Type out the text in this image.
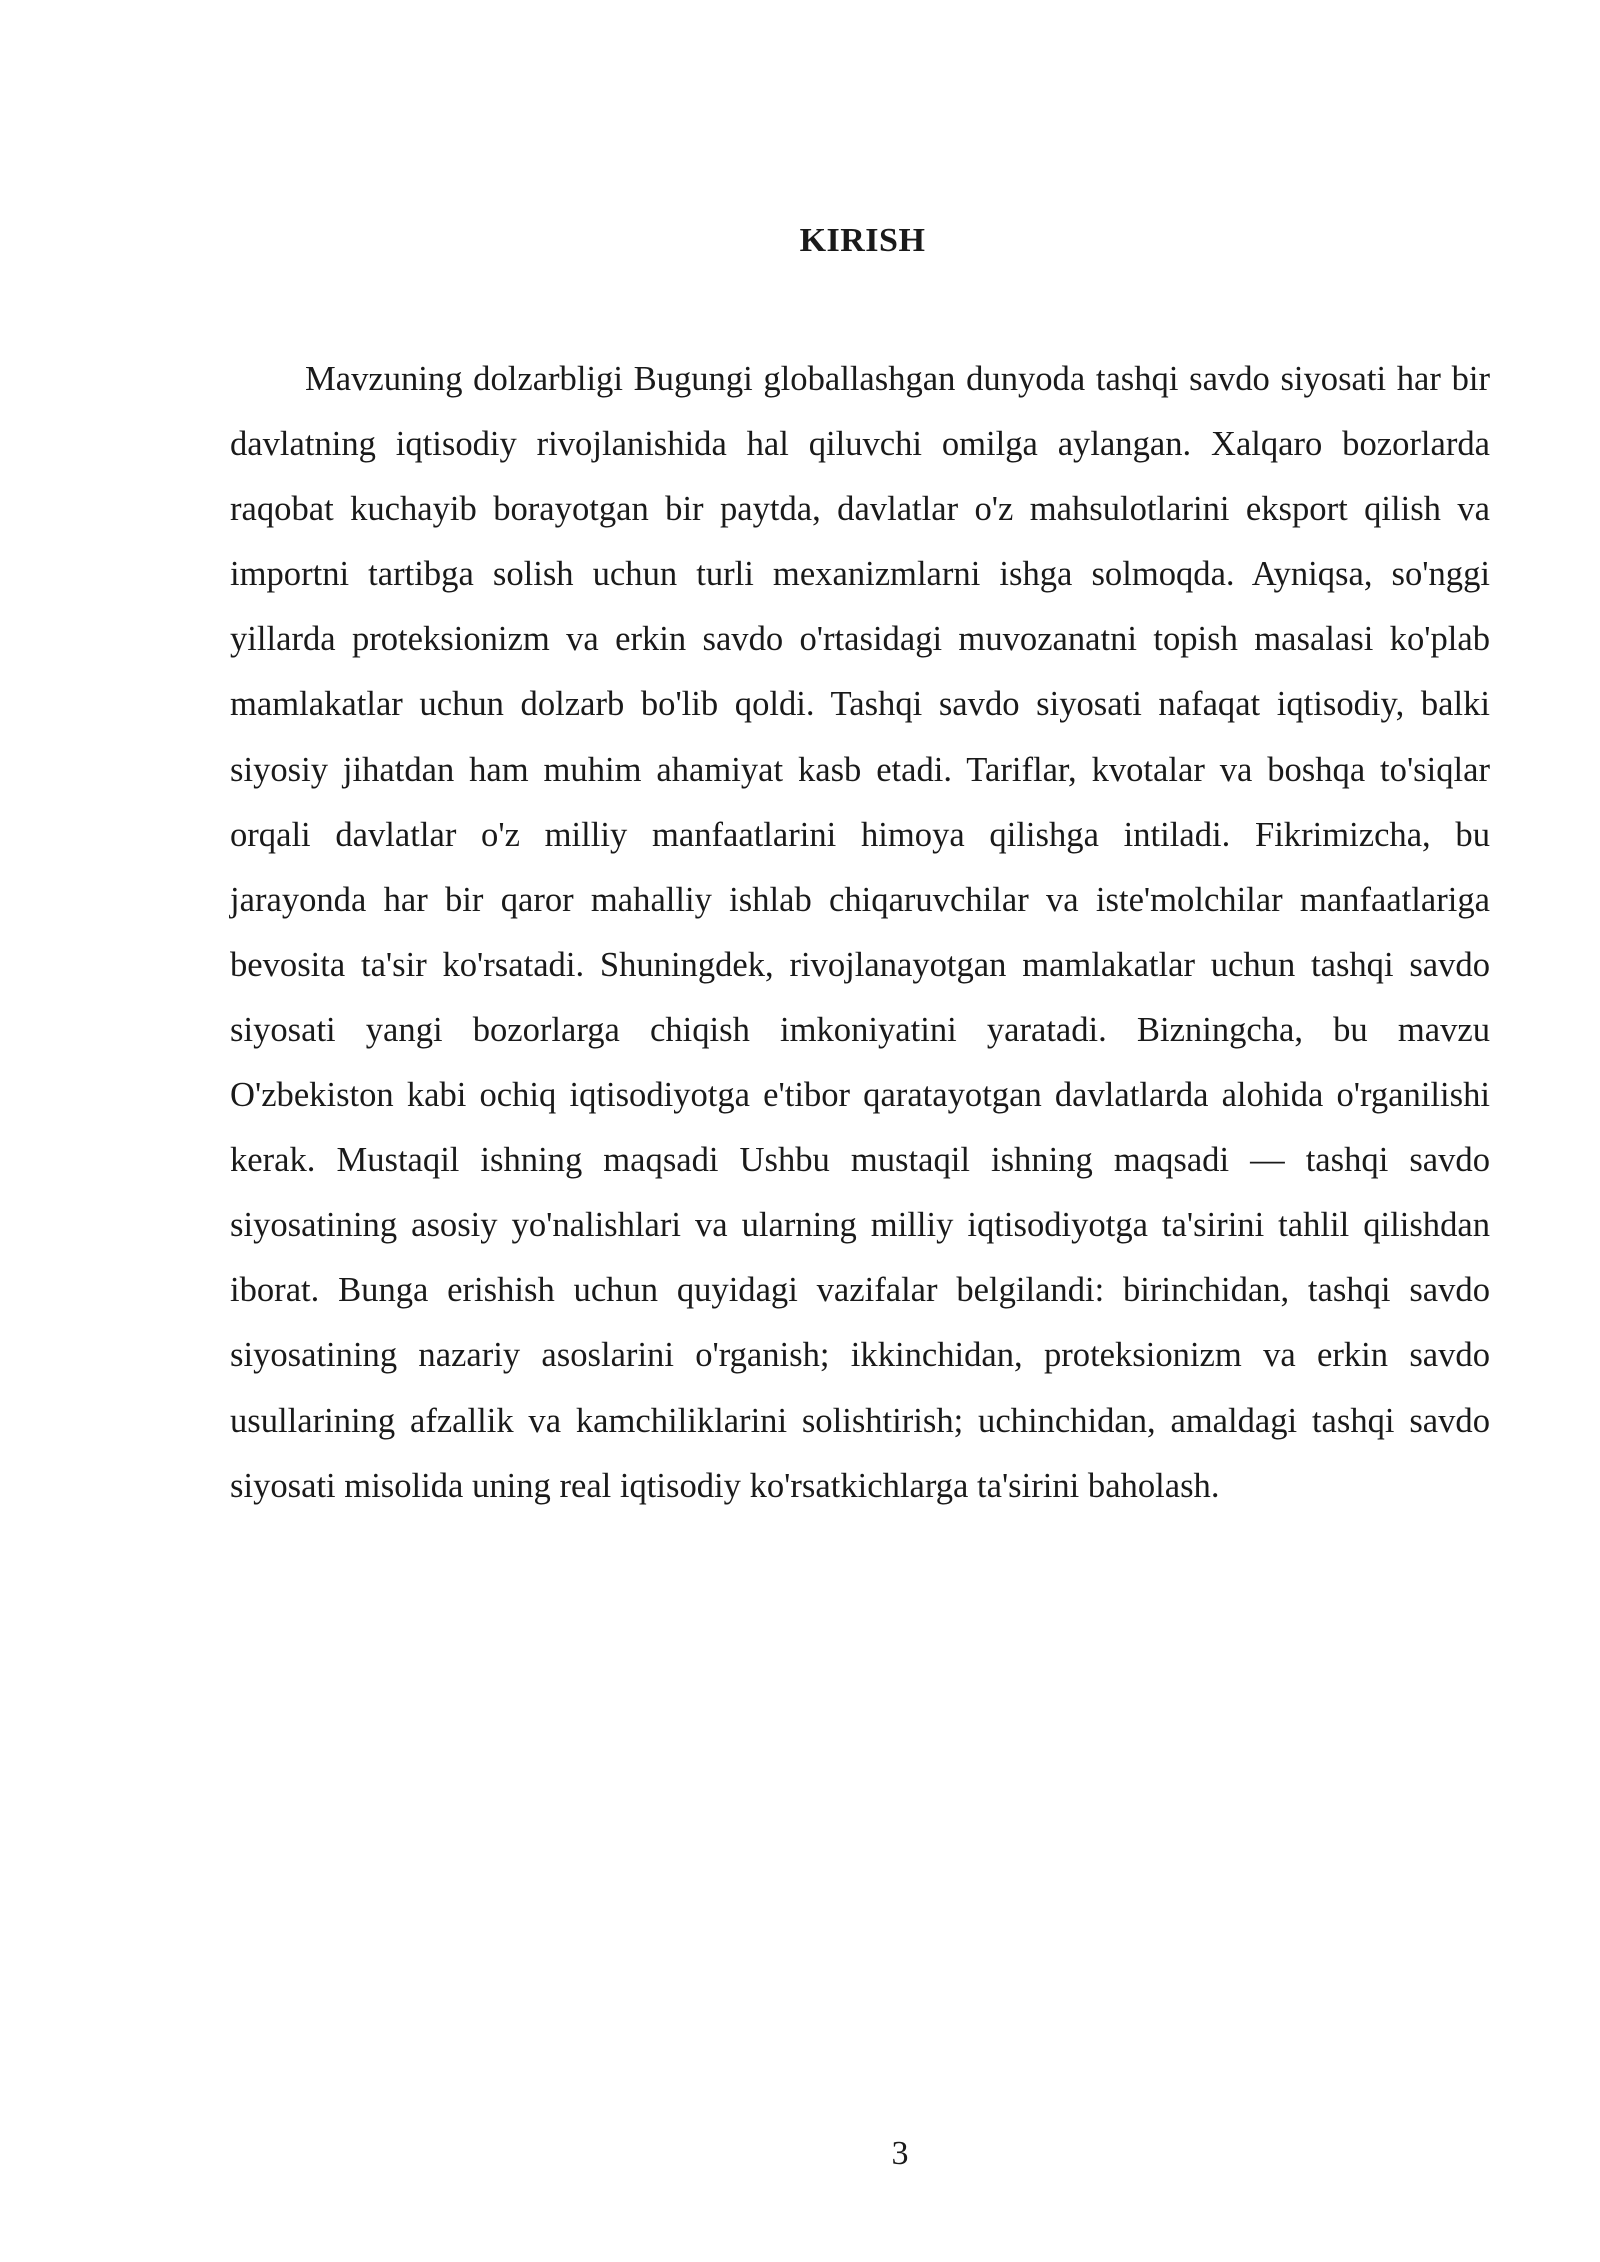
KIRISH

Mavzuning dolzarbligi Bugungi globallashgan dunyoda tashqi savdo siyosati har bir davlatning iqtisodiy rivojlanishida hal qiluvchi omilga aylangan. Xalqaro bozorlarda raqobat kuchayib borayotgan bir paytda, davlatlar o'z mahsulotlarini eksport qilish va importni tartibga solish uchun turli mexanizmlarni ishga solmoqda. Ayniqsa, so'nggi yillarda proteksionizm va erkin savdo o'rtasidagi muvozanatni topish masalasi ko'plab mamlakatlar uchun dolzarb bo'lib qoldi. Tashqi savdo siyosati nafaqat iqtisodiy, balki siyosiy jihatdan ham muhim ahamiyat kasb etadi. Tariflar, kvotalar va boshqa to'siqlar orqali davlatlar o'z milliy manfaatlarini himoya qilishga intiladi. Fikrimizcha, bu jarayonda har bir qaror mahalliy ishlab chiqaruvchilar va iste'molchilar manfaatlariga bevosita ta'sir ko'rsatadi. Shuningdek, rivojlanayotgan mamlakatlar uchun tashqi savdo siyosati yangi bozorlarga chiqish imkoniyatini yaratadi. Bizningcha, bu mavzu O'zbekiston kabi ochiq iqtisodiyotga e'tibor qaratayotgan davlatlarda alohida o'rganilishi kerak. Mustaqil ishning maqsadi Ushbu mustaqil ishning maqsadi — tashqi savdo siyosatining asosiy yo'nalishlari va ularning milliy iqtisodiyotga ta'sirini tahlil qilishdan iborat. Bunga erishish uchun quyidagi vazifalar belgilandi: birinchidan, tashqi savdo siyosatining nazariy asoslarini o'rganish; ikkinchidan, proteksionizm va erkin savdo usullarining afzallik va kamchiliklarini solishtirish; uchinchidan, amaldagi tashqi savdo siyosati misolida uning real iqtisodiy ko'rsatkichlarga ta'sirini baholash.

3
